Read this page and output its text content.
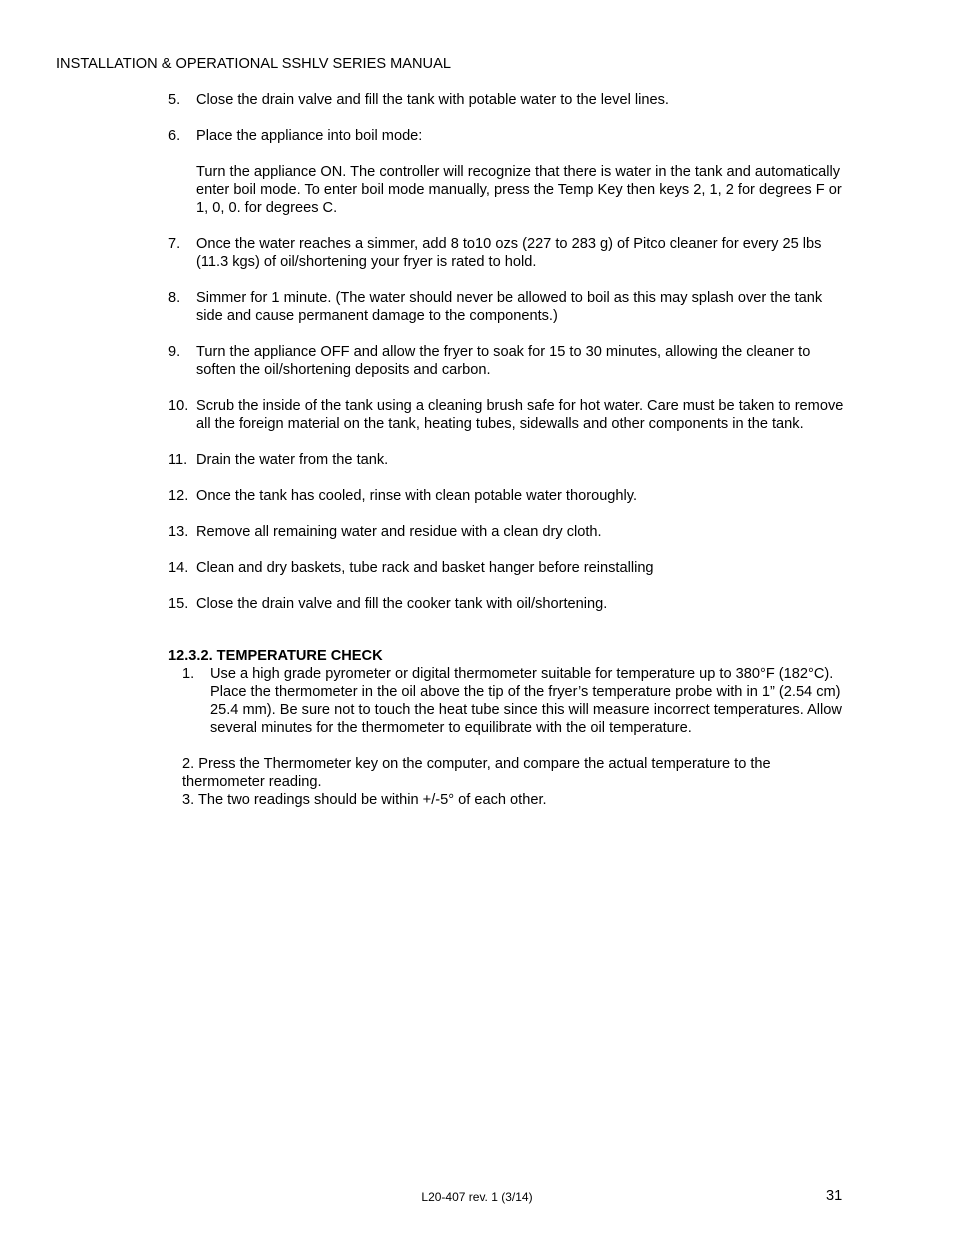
INSTALLATION & OPERATIONAL SSHLV SERIES MANUAL
5. Close the drain valve and fill the tank with potable water to the level lines.

6. Place the appliance into boil mode:

Turn the appliance ON. The controller will recognize that there is water in the tank and automatically enter boil mode. To enter boil mode manually, press the Temp Key then keys 2, 1, 2 for degrees F or 1, 0, 0. for degrees C.

7. Once the water reaches a simmer, add 8 to10 ozs (227 to 283 g) of Pitco cleaner for every 25 lbs (11.3 kgs) of oil/shortening your fryer is rated to hold.

8. Simmer for 1 minute. (The water should never be allowed to boil as this may splash over the tank side and cause permanent damage to the components.)

9. Turn the appliance OFF and allow the fryer to soak for 15 to 30 minutes, allowing the cleaner to soften the oil/shortening deposits and carbon.

10. Scrub the inside of the tank using a cleaning brush safe for hot water. Care must be taken to remove all the foreign material on the tank, heating tubes, sidewalls and other components in the tank.

11. Drain the water from the tank.

12. Once the tank has cooled, rinse with clean potable water thoroughly.

13. Remove all remaining water and residue with a clean dry cloth.

14. Clean and dry baskets, tube rack and basket hanger before reinstalling

15. Close the drain valve and fill the cooker tank with oil/shortening.

12.3.2. TEMPERATURE CHECK

1. Use a high grade pyrometer or digital thermometer suitable for temperature up to 380°F (182°C). Place the thermometer in the oil above the tip of the fryer’s temperature probe with in 1” (2.54 cm) 25.4 mm). Be sure not to touch the heat tube since this will measure incorrect temperatures. Allow several minutes for the thermometer to equilibrate with the oil temperature.

2. Press the Thermometer key on the computer, and compare the actual temperature to the thermometer reading.

3. The two readings should be within +/-5° of each other.

L20-407 rev. 1 (3/14)	31
